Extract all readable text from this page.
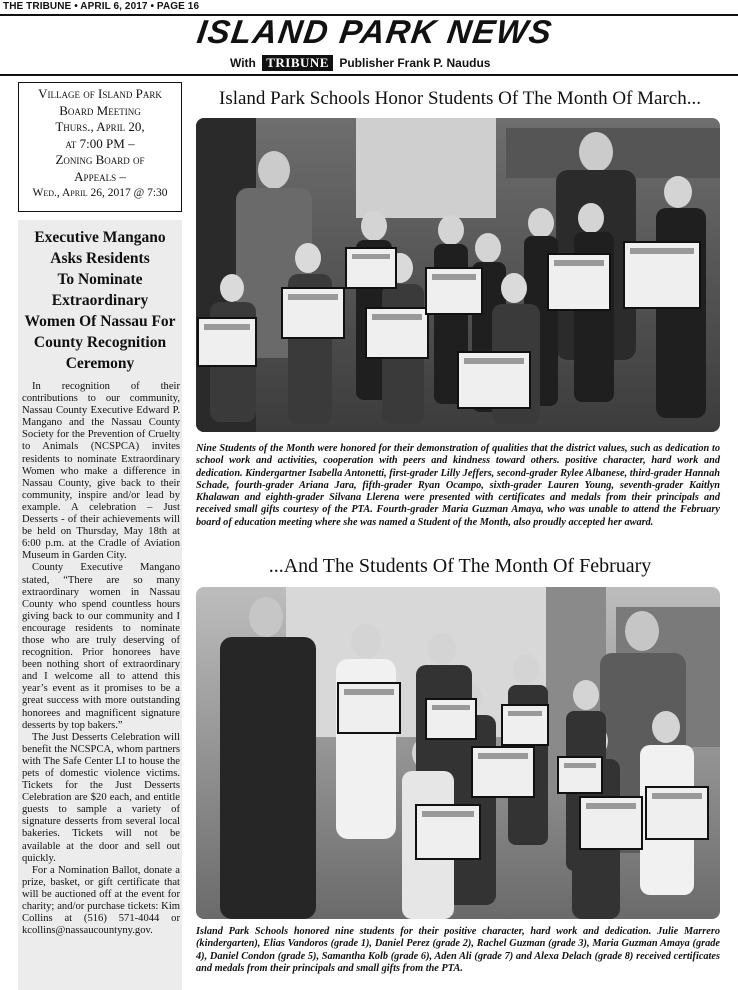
THE TRIBUNE • APRIL 6, 2017 • PAGE 16
ISLAND PARK NEWS
With TRIBUNE Publisher Frank P. Naudus
Village of Island Park
Board Meeting
Thurs., April 20,
at 7:00 PM –
Zoning Board of
Appeals –
Wed., April 26, 2017 @ 7:30
Executive Mangano
Asks Residents
To Nominate
Extraordinary
Women Of Nassau For
County Recognition
Ceremony

In recognition of their contributions to our community, Nassau County Executive Edward P. Mangano and the Nassau County Society for the Prevention of Cruelty to Animals (NCSPCA) invites residents to nominate Extraordinary Women who make a difference in Nassau County, give back to their community, inspire and/or lead by example. A celebration – Just Desserts - of their achievements will be held on Thursday, May 18th at 6:00 p.m. at the Cradle of Aviation Museum in Garden City.

County Executive Mangano stated, “There are so many extraordinary women in Nassau County who spend countless hours giving back to our community and I encourage residents to nominate those who are truly deserving of recognition. Prior honorees have been nothing short of extraordinary and I welcome all to attend this year’s event as it promises to be a great success with more outstanding honorees and magnificent signature desserts by top bakers.”

The Just Desserts Celebration will benefit the NCSPCA, whom partners with The Safe Center LI to house the pets of domestic violence victims. Tickets for the Just Desserts Celebration are $20 each, and entitle guests to sample a variety of signature desserts from several local bakeries. Tickets will not be available at the door and sell out quickly.

For a Nomination Ballot, donate a prize, basket, or gift certificate that will be auctioned off at the event for charity; and/or purchase tickets: Kim Collins at (516) 571-4044 or kcollins@nassaucountyny.gov.

Island Park Schools Honor Students Of The Month Of March...
Nine Students of the Month were honored for their demonstration of qualities that the district values, such as dedication to school work and activities, cooperation with peers and kindness toward others. positive character, hard work and dedication. Kindergartner Isabella Antonetti, first-grader Lilly Jeffers, second-grader Rylee Albanese, third-grader Hannah Schade, fourth-grader Ariana Jara, fifth-grader Ryan Ocampo, sixth-grader Lauren Young, seventh-grader Kaitlyn Khalawan and eighth-grader Silvana Llerena were presented with certificates and medals from their principals and received small gifts courtesy of the PTA. Fourth-grader Maria Guzman Amaya, who was unable to attend the February board of education meeting where she was named a Student of the Month, also proudly accepted her award.
...And The Students Of The Month Of February
Island Park Schools honored nine students for their positive character, hard work and dedication. Julie Marrero (kindergarten), Elias Vandoros (grade 1), Daniel Perez (grade 2), Rachel Guzman (grade 3), Maria Guzman Amaya (grade 4), Daniel Condon (grade 5), Samantha Kolb (grade 6), Aden Ali (grade 7) and Alexa Delach (grade 8) received certificates and medals from their principals and small gifts from the PTA.
